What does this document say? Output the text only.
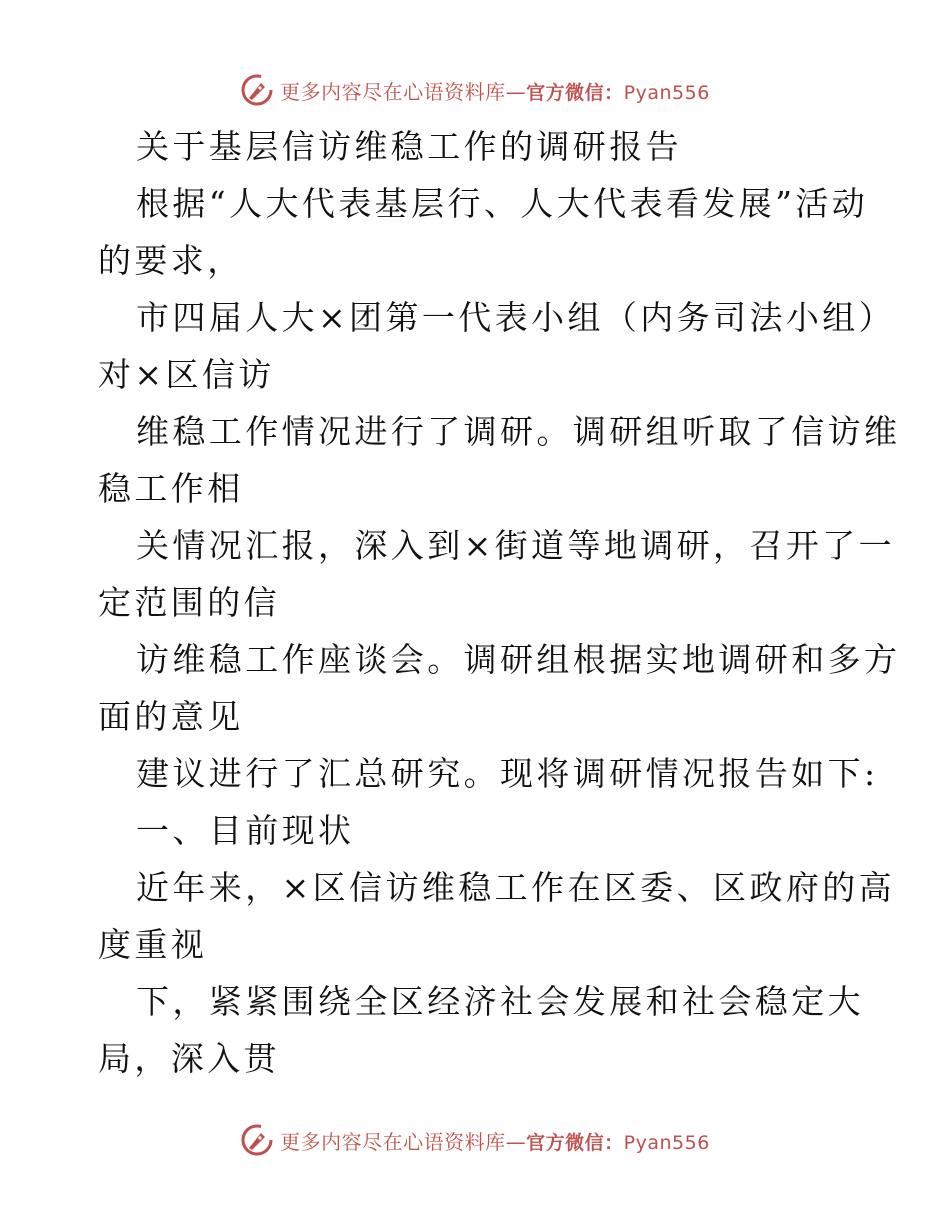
更多内容尽在心语资料库—官方微信：Pyan556
关于基层信访维稳工作的调研报告
根据“人大代表基层行、人大代表看发展”活动
的要求，
市四届人大×团第一代表小组（内务司法小组）
对×区信访
维稳工作情况进行了调研。调研组听取了信访维
稳工作相
关情况汇报，深入到×街道等地调研，召开了一
定范围的信
访维稳工作座谈会。调研组根据实地调研和多方
面的意见
建议进行了汇总研究。现将调研情况报告如下:
一、目前现状
近年来，×区信访维稳工作在区委、区政府的高
度重视
下，紧紧围绕全区经济社会发展和社会稳定大
局，深入贯
更多内容尽在心语资料库—官方微信：Pyan556
